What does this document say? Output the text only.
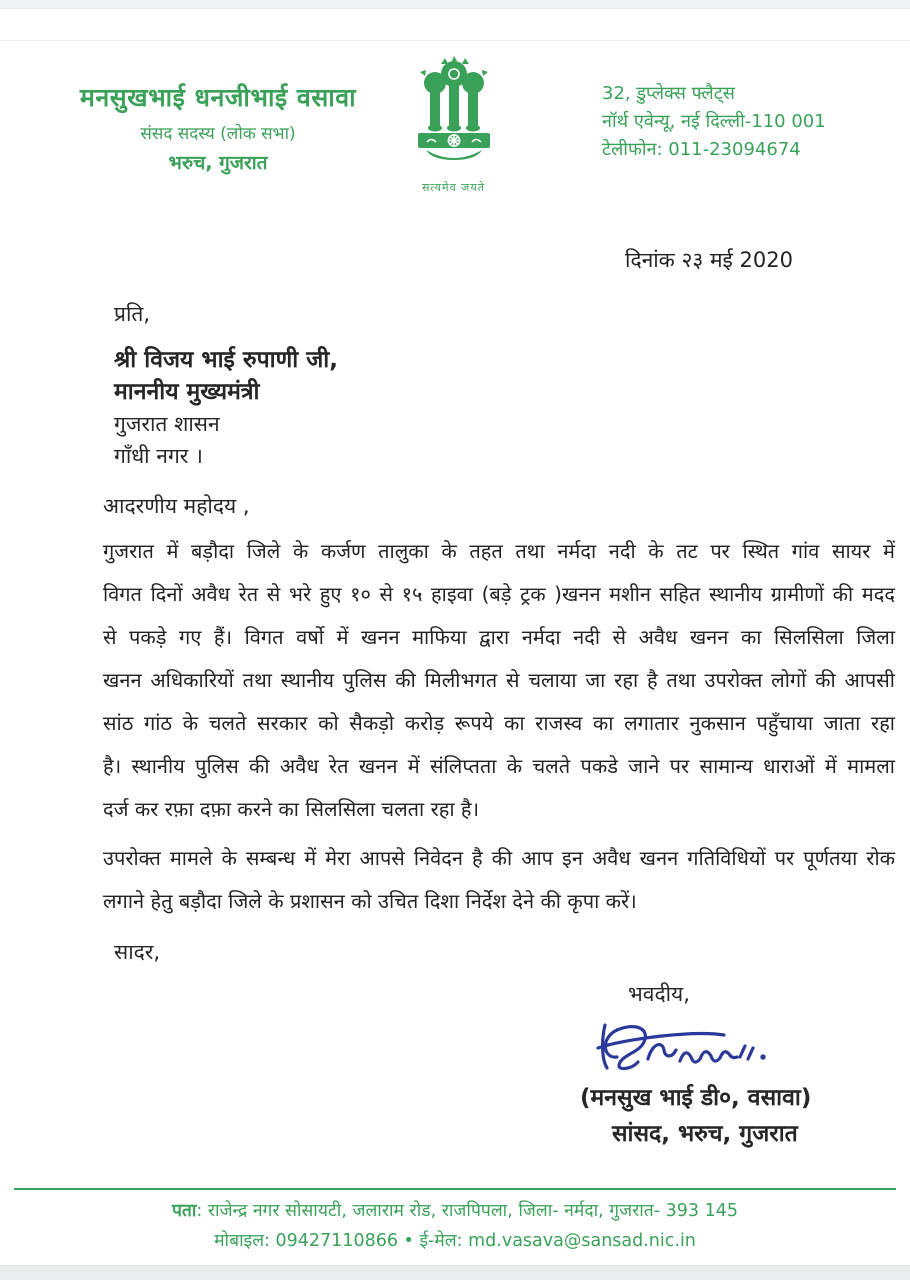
मनसुखभाई धनजीभाई वसावा
संसद सदस्य (लोक सभा)
भरुच, गुजरात
सत्यमेव जयते
32, डुप्लेक्स फ्लैट्स
नॉर्थ एवेन्यू, नई दिल्ली-110 001
टेलीफोन: 011-23094674
दिनांक २३ मई 2020
प्रति,
श्री विजय भाई रुपाणी जी,
माननीय मुख्यमंत्री
गुजरात शासन
गाँधी नगर ।
आदरणीय महोदय ,
गुजरात में बड़ौदा जिले के कर्जण तालुका के तहत तथा नर्मदा नदी के तट पर स्थित गांव सायर में
विगत दिनों अवैध रेत से भरे हुए १० से १५ हाइवा (बड़े ट्रक )खनन मशीन सहित स्थानीय ग्रामीणों की मदद
से पकड़े गए हैं। विगत वर्षो में खनन माफिया द्वारा नर्मदा नदी से अवैध खनन का सिलसिला जिला
खनन अधिकारियों तथा स्थानीय पुलिस की मिलीभगत से चलाया जा रहा है तथा उपरोक्त लोगों की आपसी
सांठ गांठ के चलते सरकार को सैकड़ो करोड़ रूपये का राजस्व का लगातार नुकसान पहुँचाया जाता रहा
है। स्थानीय पुलिस की अवैध रेत खनन में संलिप्तता के चलते पकडे जाने पर सामान्य धाराओं में मामला
दर्ज कर रफ़ा दफ़ा करने का सिलसिला चलता रहा है।
उपरोक्त मामले के सम्बन्ध में मेरा आपसे निवेदन है की आप इन अवैध खनन गतिविधियों पर पूर्णतया रोक
लगाने हेतु बड़ौदा जिले के प्रशासन को उचित दिशा निर्देश देने की कृपा करें।
सादर,
भवदीय,
(मनसुख भाई डी०, वसावा)
सांसद, भरुच, गुजरात
पता: राजेन्द्र नगर सोसायटी, जलाराम रोड, राजपिपला, जिला- नर्मदा, गुजरात- 393 145
मोबाइल: 09427110866 • ई-मेल: md.vasava@sansad.nic.in
